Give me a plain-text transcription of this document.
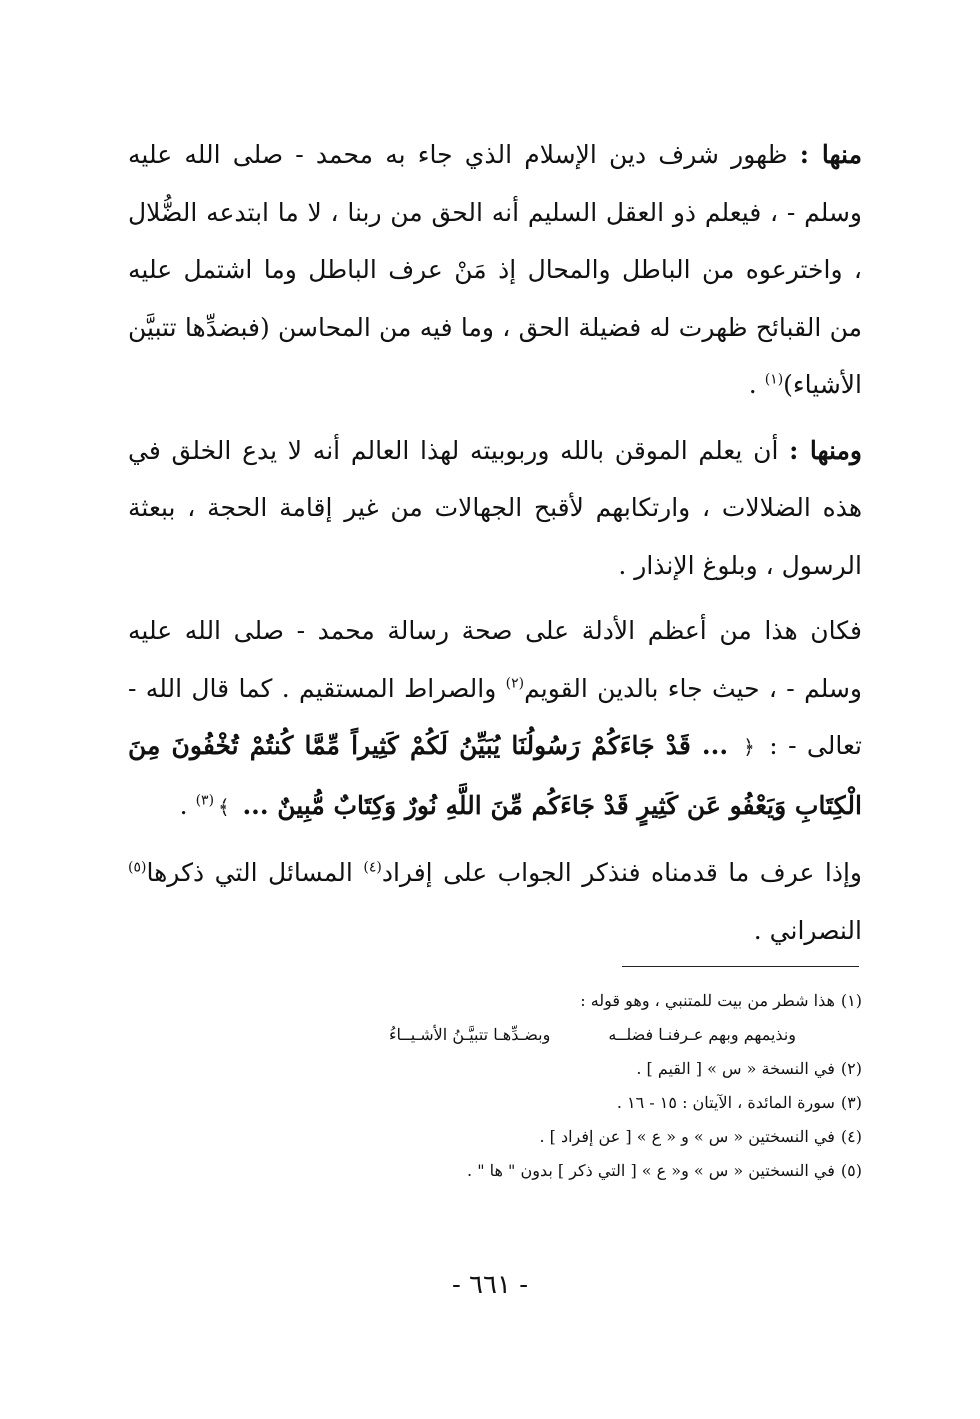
منها : ظهور شرف دين الإسلام الذي جاء به محمد - صلى الله عليه وسلم - ، فيعلم ذو العقل السليم أنه الحق من ربنا ، لا ما ابتدعه الضُّلال ، واخترعوه من الباطل والمحال إذ مَنْ عرف الباطل وما اشتمل عليه من القبائح ظهرت له فضيلة الحق ، وما فيه من المحاسن (فبضدِّها تتبيَّن الأشياء)$^{(١)}$ .

ومنها : أن يعلم الموقن بالله وربوبيته لهذا العالم أنه لا يدع الخلق في هذه الضلالات ، وارتكابهم لأقبح الجهالات من غير إقامة الحجة ، ببعثة الرسول ، وبلوغ الإنذار .

فكان هذا من أعظم الأدلة على صحة رسالة محمد - صلى الله عليه وسلم - ، حيث جاء بالدين القويم$^{(٢)}$ والصراط المستقيم . كما قال الله - تعالى - : ﴿ ... قَدْ جَاءَكُمْ رَسُولُنَا يُبَيِّنُ لَكُمْ كَثِيراً مِّمَّا كُنتُمْ تُخْفُونَ مِنَ الْكِتَابِ وَيَعْفُو عَن كَثِيرٍ قَدْ جَاءَكُم مِّنَ اللَّهِ نُورٌ وَكِتَابٌ مُّبِينٌ ... ﴾$^{(٣)}$ .

وإذا عرف ما قدمناه فنذكر الجواب على إفراد$^{(٤)}$ المسائل التي ذكرها$^{(٥)}$ النصراني .

(١)هذا شطر من بيت للمتنبي ، وهو قوله :

ونذيمهم وبهم عـرفنـا فضلــه
وبضـدِّهـا تتبيَّـنُ الأشـيــاءُ

(٢)في النسخة « س » [ القيم ] .

(٣)سورة المائدة ، الآيتان : ١٥ - ١٦ .

(٤)في النسختين « س » و « ع » [ عن إفراد ] .

(٥)في النسختين « س » و« ع » [ التي ذكر ] بدون " ها " .

- ٦٦١ -
